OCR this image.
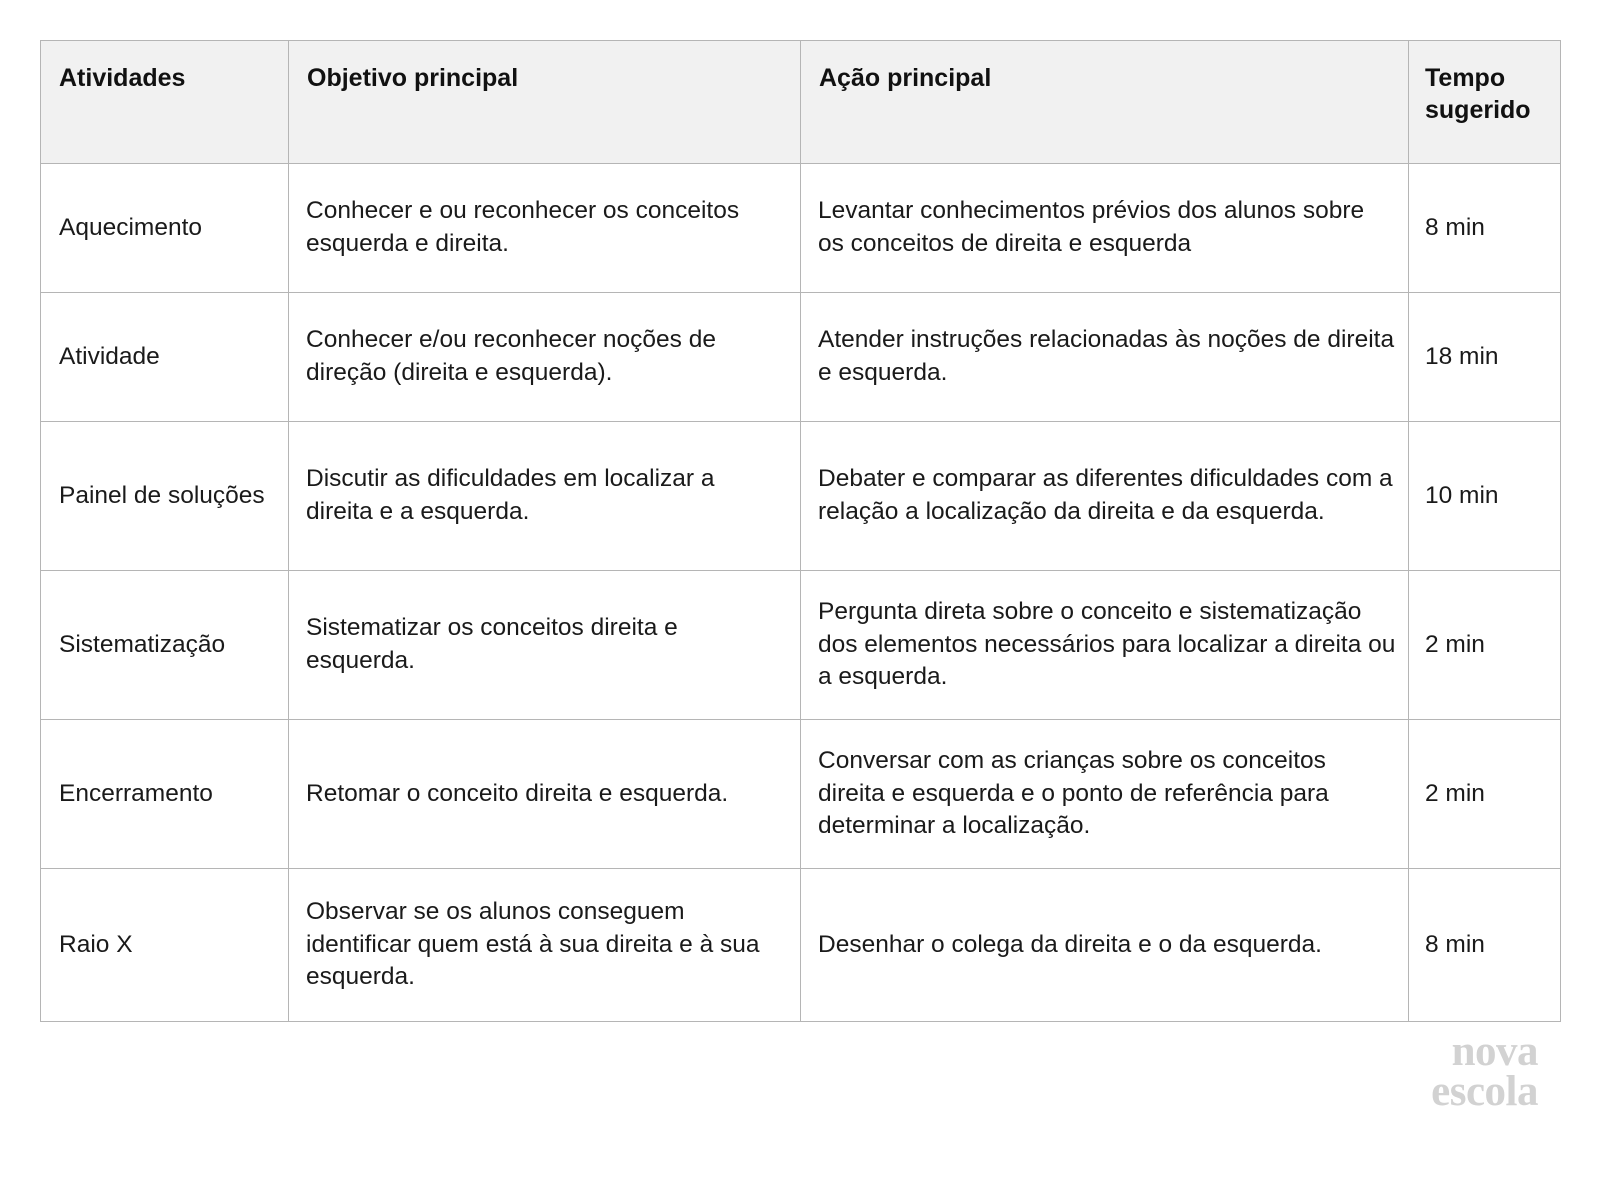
Atividades	Objetivo principal	Ação principal	Tempo sugerido
Aquecimento	Conhecer e ou reconhecer os conceitos esquerda e direita.	Levantar conhecimentos prévios dos alunos sobre os conceitos de direita e esquerda	8 min
Atividade	Conhecer e/ou reconhecer noções de direção (direita e esquerda).	Atender instruções relacionadas às noções de direita e esquerda.	18 min
Painel de soluções	Discutir as dificuldades em localizar a direita e a esquerda.	Debater e comparar as diferentes dificuldades com a relação a localização da direita e da esquerda.	10 min
Sistematização	Sistematizar os conceitos direita e esquerda.	Pergunta direta sobre o conceito e sistematização dos elementos necessários para localizar a direita ou a esquerda.	2 min
Encerramento	Retomar o conceito direita e esquerda.	Conversar com as crianças sobre os conceitos direita e esquerda e o ponto de referência para determinar a localização.	2 min
Raio X	Observar se os alunos conseguem identificar quem está à sua direita e à sua esquerda.	Desenhar o colega da direita e o da esquerda.	8 min
nova
escola
